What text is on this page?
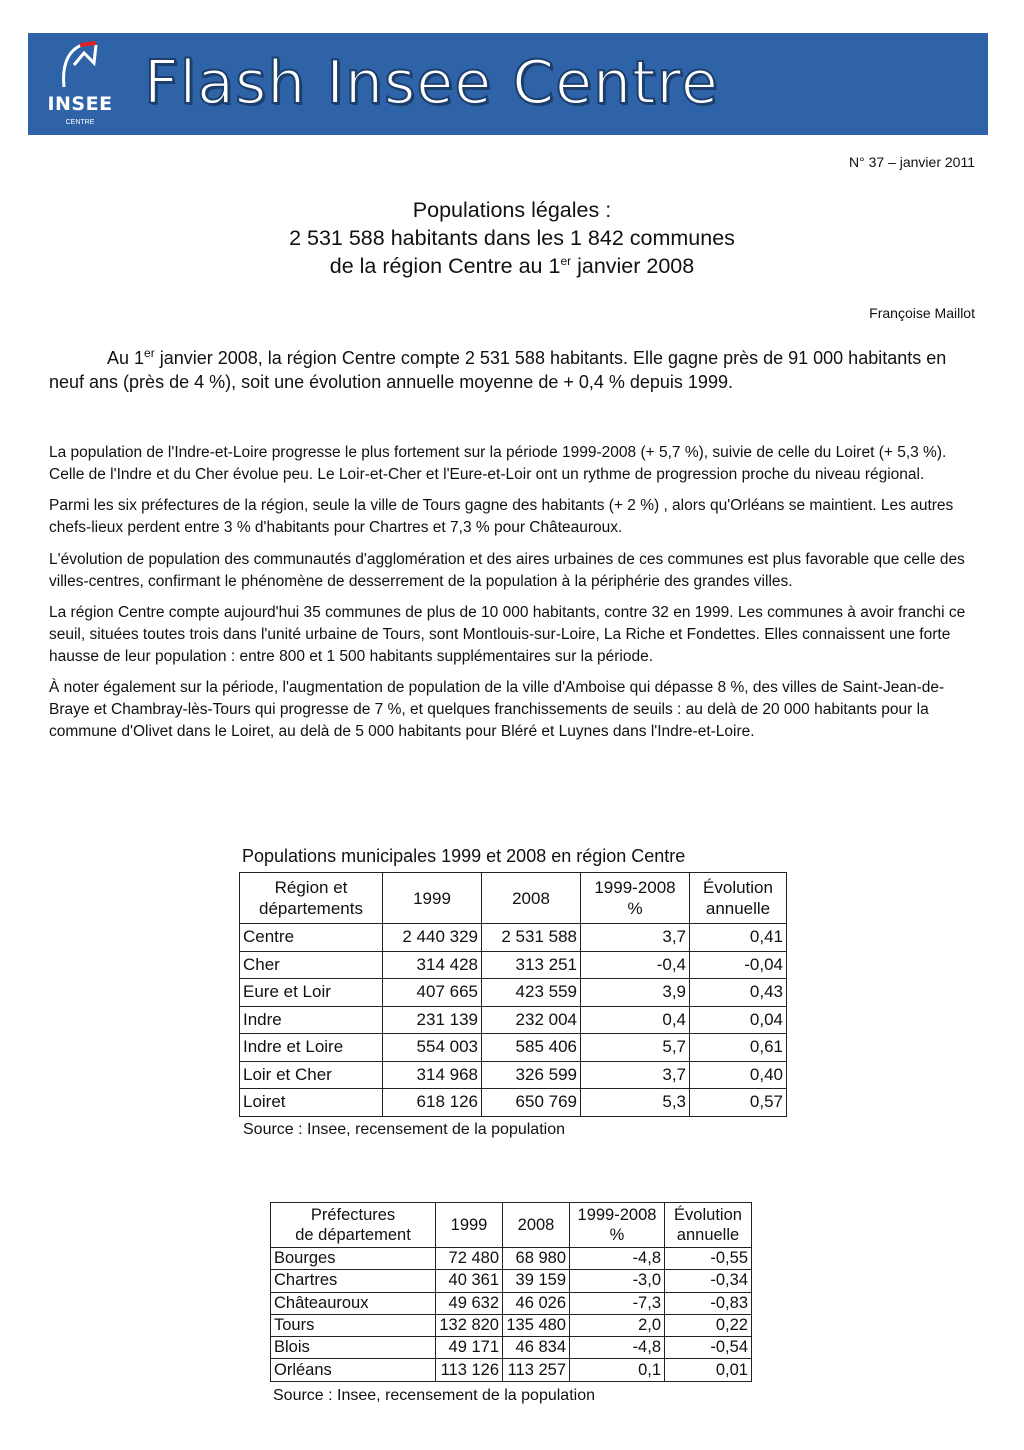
INSEE
CENTRE
Flash Insee Centre
N° 37 – janvier 2011
Populations légales :
2 531 588 habitants dans les 1 842 communes
de la région Centre au 1er janvier 2008
Françoise Maillot
Au 1er janvier 2008, la région Centre compte 2 531 588 habitants. Elle gagne près de 91 000 habitants en neuf ans (près de 4 %), soit une évolution annuelle moyenne de + 0,4 % depuis 1999.

La population de l'Indre-et-Loire progresse le plus fortement sur la période 1999-2008 (+ 5,7 %), suivie de celle du Loiret (+ 5,3 %). Celle de l'Indre et du Cher évolue peu. Le Loir-et-Cher et l'Eure-et-Loir ont un rythme de progression proche du niveau régional.

Parmi les six préfectures de la région, seule la ville de Tours gagne des habitants (+ 2 %) , alors qu'Orléans se maintient. Les autres chefs-lieux perdent entre 3 % d'habitants pour Chartres et 7,3 % pour Châteauroux.

L'évolution de population des communautés d'agglomération et des aires urbaines de ces communes est plus favorable que celle des villes-centres, confirmant le phénomène de desserrement de la population à la périphérie des grandes villes.

La région Centre compte aujourd'hui 35 communes de plus de 10 000 habitants, contre 32 en 1999. Les communes à avoir franchi ce seuil, situées toutes trois dans l'unité urbaine de Tours, sont Montlouis-sur-Loire, La Riche et Fondettes. Elles connaissent une forte hausse de leur population : entre 800 et 1 500 habitants supplémentaires sur la période.

À noter également sur la période, l'augmentation de population de la ville d'Amboise qui dépasse 8 %, des villes de Saint-Jean-de-Braye et Chambray-lès-Tours qui progresse de 7 %, et quelques franchissements de seuils : au delà de 20 000 habitants pour la commune d'Olivet dans le Loiret, au delà de 5 000 habitants pour Bléré et Luynes dans l'Indre-et-Loire.

Populations municipales 1999 et 2008 en région Centre
Région et
départements	1999	2008	1999-2008
%	Évolution
annuelle
Centre	2 440 329	2 531 588	3,7	0,41
Cher	314 428	313 251	-0,4	-0,04
Eure et Loir	407 665	423 559	3,9	0,43
Indre	231 139	232 004	0,4	0,04
Indre et Loire	554 003	585 406	5,7	0,61
Loir et Cher	314 968	326 599	3,7	0,40
Loiret	618 126	650 769	5,3	0,57
Source : Insee, recensement de la population
Préfectures
de département	1999	2008	1999-2008
%	Évolution
annuelle
Bourges	72 480	68 980	-4,8	-0,55
Chartres	40 361	39 159	-3,0	-0,34
Châteauroux	49 632	46 026	-7,3	-0,83
Tours	132 820	135 480	2,0	0,22
Blois	49 171	46 834	-4,8	-0,54
Orléans	113 126	113 257	0,1	0,01
Source : Insee, recensement de la population
